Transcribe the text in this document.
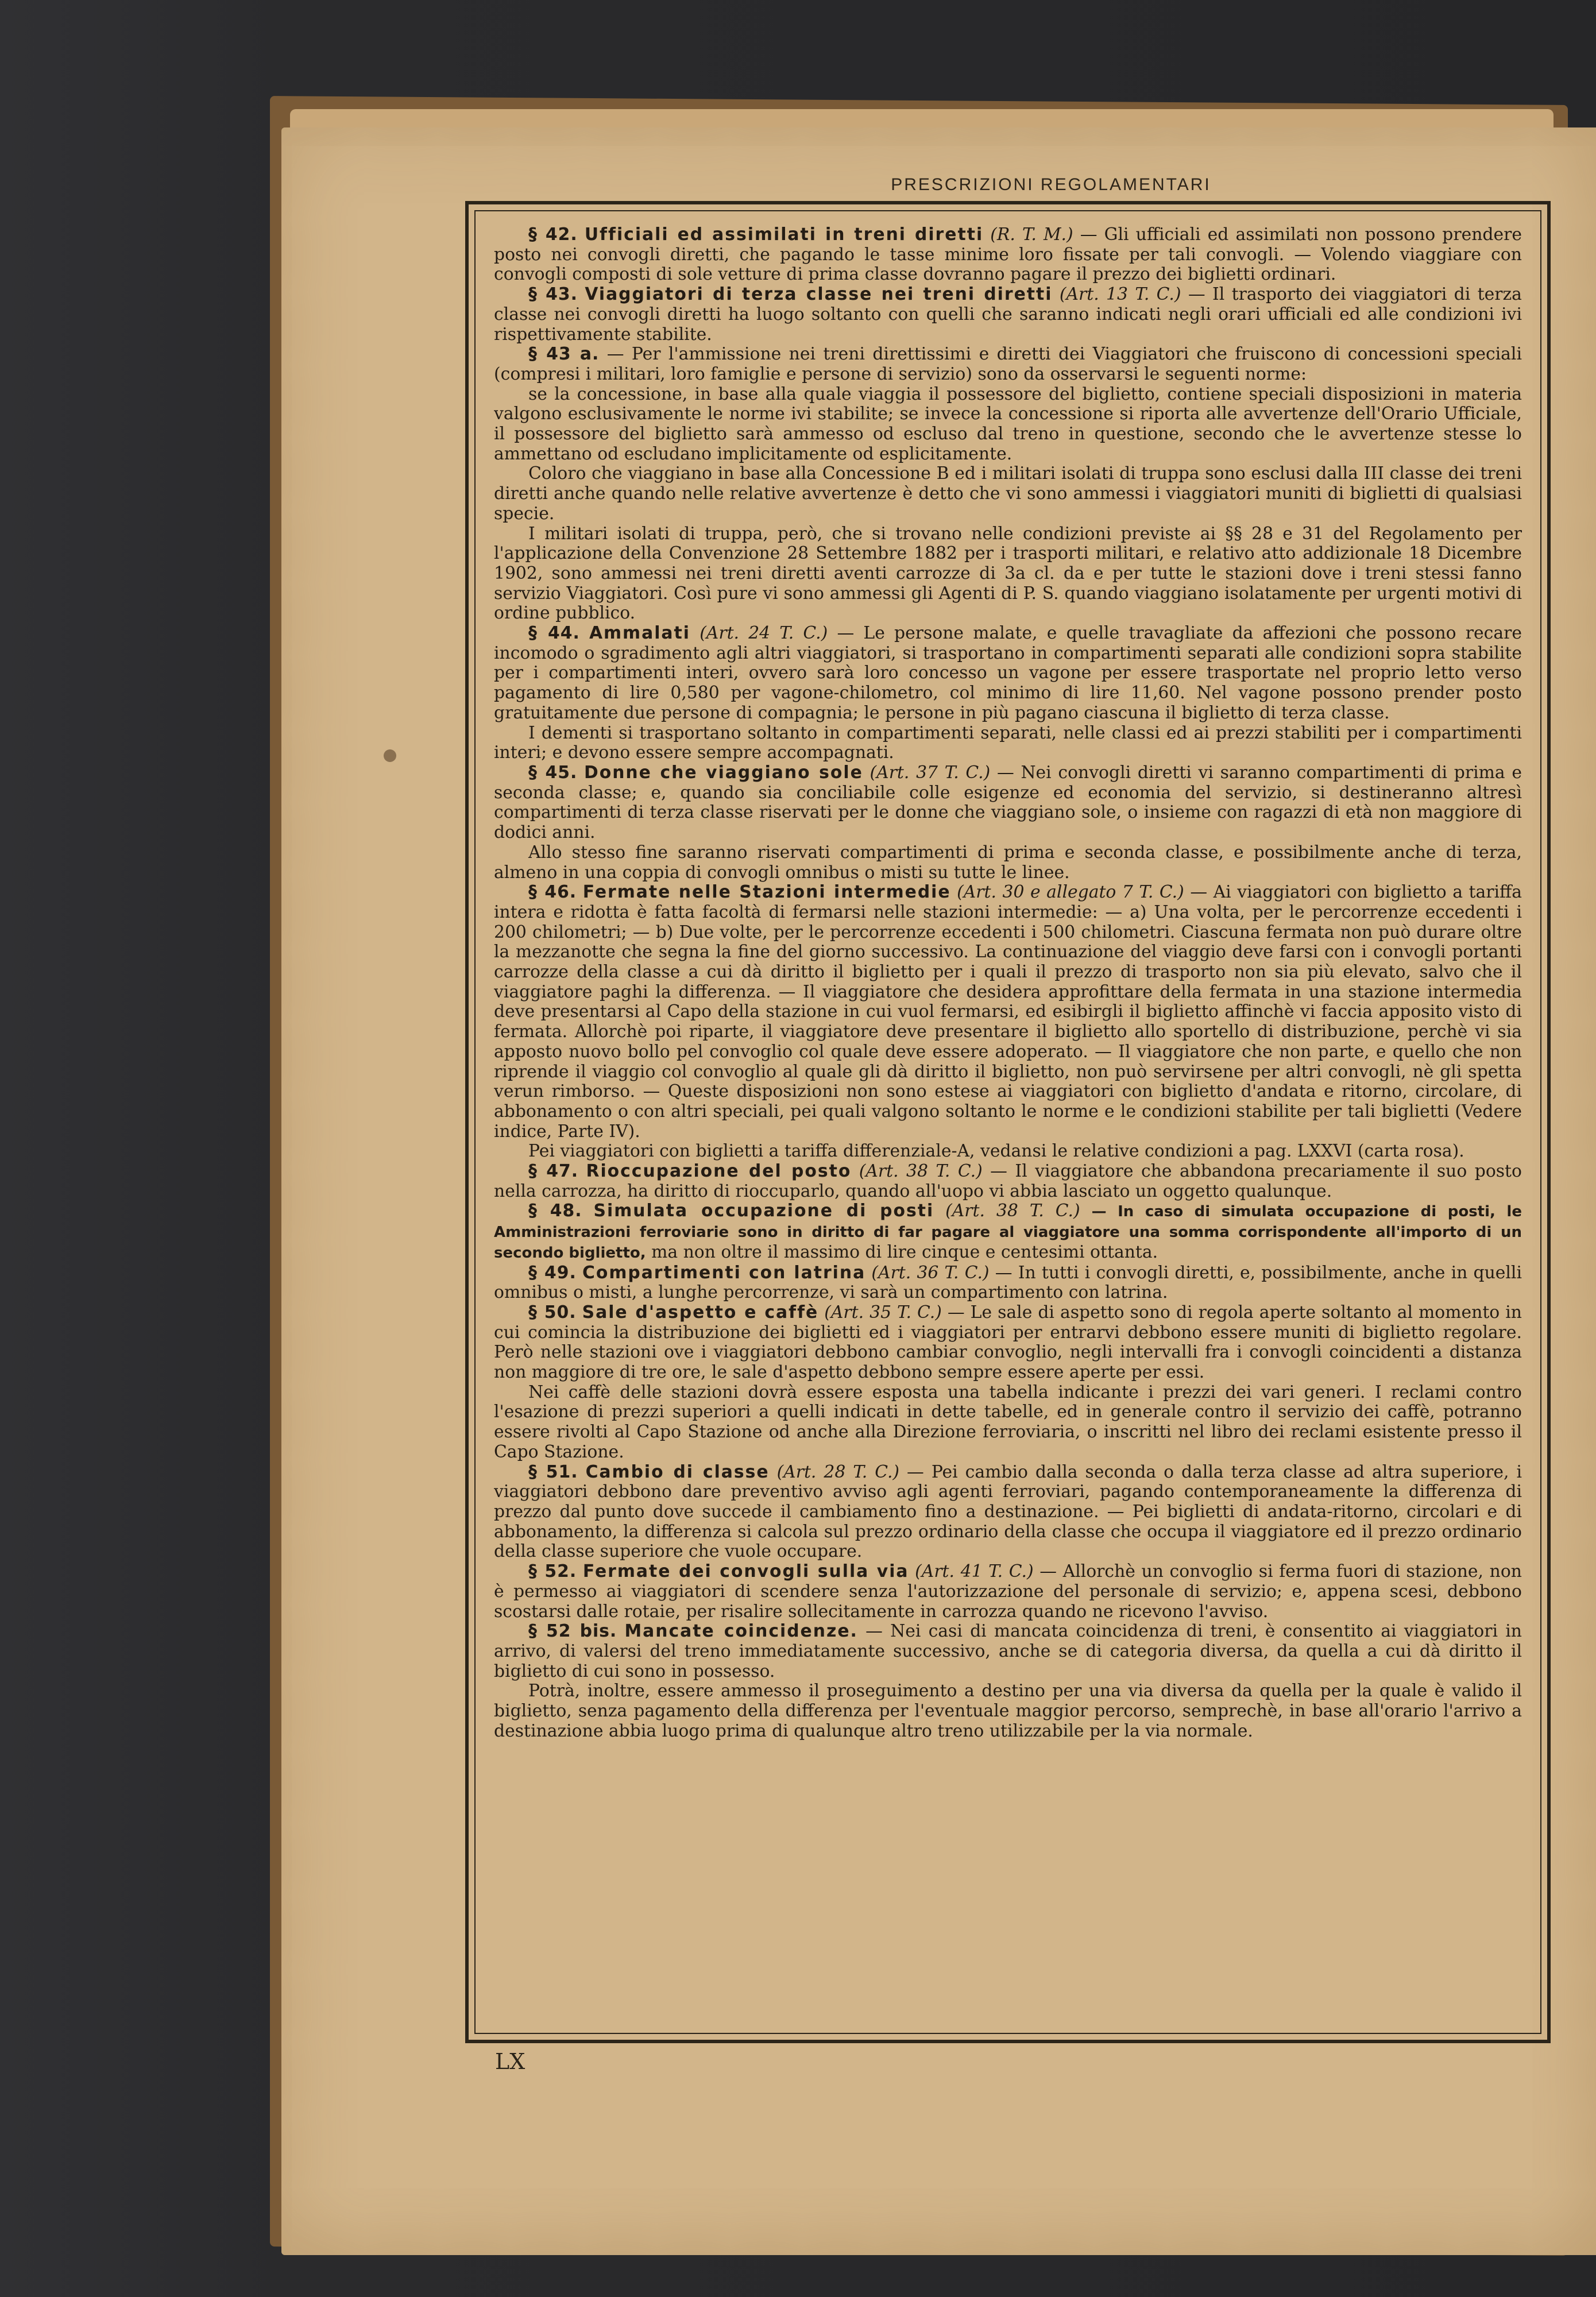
PRESCRIZIONI REGOLAMENTARI

§ 42. Ufficiali ed assimilati in treni diretti (R. T. M.) — Gli ufficiali ed assimilati non possono prendere posto nei convogli diretti, che pagando le tasse minime loro fissate per tali convogli. — Volendo viaggiare con convogli composti di sole vetture di prima classe dovranno pagare il prezzo dei biglietti ordinari.

§ 43. Viaggiatori di terza classe nei treni diretti (Art. 13 T. C.) — Il trasporto dei viaggiatori di terza classe nei convogli diretti ha luogo soltanto con quelli che saranno indicati negli orari ufficiali ed alle condizioni ivi rispettivamente stabilite.

§ 43 a. — Per l'ammissione nei treni direttissimi e diretti dei Viaggiatori che fruiscono di concessioni speciali (compresi i militari, loro famiglie e persone di servizio) sono da osservarsi le seguenti norme:

se la concessione, in base alla quale viaggia il possessore del biglietto, contiene speciali disposizioni in materia valgono esclusivamente le norme ivi stabilite; se invece la concessione si riporta alle avvertenze dell'Orario Ufficiale, il possessore del biglietto sarà ammesso od escluso dal treno in questione, secondo che le avvertenze stesse lo ammettano od escludano implicitamente od esplicitamente.

Coloro che viaggiano in base alla Concessione B ed i militari isolati di truppa sono esclusi dalla III classe dei treni diretti anche quando nelle relative avvertenze è detto che vi sono ammessi i viaggiatori muniti di biglietti di qualsiasi specie.

I militari isolati di truppa, però, che si trovano nelle condizioni previste ai §§ 28 e 31 del Regolamento per l'applicazione della Convenzione 28 Settembre 1882 per i trasporti militari, e relativo atto addizionale 18 Dicembre 1902, sono ammessi nei treni diretti aventi carrozze di 3a cl. da e per tutte le stazioni dove i treni stessi fanno servizio Viaggiatori. Così pure vi sono ammessi gli Agenti di P. S. quando viaggiano isolatamente per urgenti motivi di ordine pubblico.

§ 44. Ammalati (Art. 24 T. C.) — Le persone malate, e quelle travagliate da affezioni che possono recare incomodo o sgradimento agli altri viaggiatori, si trasportano in compartimenti separati alle condizioni sopra stabilite per i compartimenti interi, ovvero sarà loro concesso un vagone per essere trasportate nel proprio letto verso pagamento di lire 0,580 per vagone-chilometro, col minimo di lire 11,60. Nel vagone possono prender posto gratuitamente due persone di compagnia; le persone in più pagano ciascuna il biglietto di terza classe.

I dementi si trasportano soltanto in compartimenti separati, nelle classi ed ai prezzi stabiliti per i compartimenti interi; e devono essere sempre accompagnati.

§ 45. Donne che viaggiano sole (Art. 37 T. C.) — Nei convogli diretti vi saranno compartimenti di prima e seconda classe; e, quando sia conciliabile colle esigenze ed economia del servizio, si destineranno altresì compartimenti di terza classe riservati per le donne che viaggiano sole, o insieme con ragazzi di età non maggiore di dodici anni.

Allo stesso fine saranno riservati compartimenti di prima e seconda classe, e possibilmente anche di terza, almeno in una coppia di convogli omnibus o misti su tutte le linee.

§ 46. Fermate nelle Stazioni intermedie (Art. 30 e allegato 7 T. C.) — Ai viaggiatori con biglietto a tariffa intera e ridotta è fatta facoltà di fermarsi nelle stazioni intermedie: — a) Una volta, per le percorrenze eccedenti i 200 chilometri; — b) Due volte, per le percorrenze eccedenti i 500 chilometri. Ciascuna fermata non può durare oltre la mezzanotte che segna la fine del giorno successivo. La continuazione del viaggio deve farsi con i convogli portanti carrozze della classe a cui dà diritto il biglietto per i quali il prezzo di trasporto non sia più elevato, salvo che il viaggiatore paghi la differenza. — Il viaggiatore che desidera approfittare della fermata in una stazione intermedia deve presentarsi al Capo della stazione in cui vuol fermarsi, ed esibirgli il biglietto affinchè vi faccia apposito visto di fermata. Allorchè poi riparte, il viaggiatore deve presentare il biglietto allo sportello di distribuzione, perchè vi sia apposto nuovo bollo pel convoglio col quale deve essere adoperato. — Il viaggiatore che non parte, e quello che non riprende il viaggio col convoglio al quale gli dà diritto il biglietto, non può servirsene per altri convogli, nè gli spetta verun rimborso. — Queste disposizioni non sono estese ai viaggiatori con biglietto d'andata e ritorno, circolare, di abbonamento o con altri speciali, pei quali valgono soltanto le norme e le condizioni stabilite per tali biglietti (Vedere indice, Parte IV).

Pei viaggiatori con biglietti a tariffa differenziale-A, vedansi le relative condizioni a pag. LXXVI (carta rosa).

§ 47. Rioccupazione del posto (Art. 38 T. C.) — Il viaggiatore che abbandona precariamente il suo posto nella carrozza, ha diritto di rioccuparlo, quando all'uopo vi abbia lasciato un oggetto qualunque.

§ 48. Simulata occupazione di posti (Art. 38 T. C.) — In caso di simulata occupazione di posti, le Amministrazioni ferroviarie sono in diritto di far pagare al viaggiatore una somma corrispondente all'importo di un secondo biglietto, ma non oltre il massimo di lire cinque e centesimi ottanta.

§ 49. Compartimenti con latrina (Art. 36 T. C.) — In tutti i convogli diretti, e, possibilmente, anche in quelli omnibus o misti, a lunghe percorrenze, vi sarà un compartimento con latrina.

§ 50. Sale d'aspetto e caffè (Art. 35 T. C.) — Le sale di aspetto sono di regola aperte soltanto al momento in cui comincia la distribuzione dei biglietti ed i viaggiatori per entrarvi debbono essere muniti di biglietto regolare. Però nelle stazioni ove i viaggiatori debbono cambiar convoglio, negli intervalli fra i convogli coincidenti a distanza non maggiore di tre ore, le sale d'aspetto debbono sempre essere aperte per essi.

Nei caffè delle stazioni dovrà essere esposta una tabella indicante i prezzi dei vari generi. I reclami contro l'esazione di prezzi superiori a quelli indicati in dette tabelle, ed in generale contro il servizio dei caffè, potranno essere rivolti al Capo Stazione od anche alla Direzione ferroviaria, o inscritti nel libro dei reclami esistente presso il Capo Stazione.

§ 51. Cambio di classe (Art. 28 T. C.) — Pei cambio dalla seconda o dalla terza classe ad altra superiore, i viaggiatori debbono dare preventivo avviso agli agenti ferroviari, pagando contemporaneamente la differenza di prezzo dal punto dove succede il cambiamento fino a destinazione. — Pei biglietti di andata-ritorno, circolari e di abbonamento, la differenza si calcola sul prezzo ordinario della classe che occupa il viaggiatore ed il prezzo ordinario della classe superiore che vuole occupare.

§ 52. Fermate dei convogli sulla via (Art. 41 T. C.) — Allorchè un convoglio si ferma fuori di stazione, non è permesso ai viaggiatori di scendere senza l'autorizzazione del personale di servizio; e, appena scesi, debbono scostarsi dalle rotaie, per risalire sollecitamente in carrozza quando ne ricevono l'avviso.

§ 52 bis. Mancate coincidenze. — Nei casi di mancata coincidenza di treni, è consentito ai viaggiatori in arrivo, di valersi del treno immediatamente successivo, anche se di categoria diversa, da quella a cui dà diritto il biglietto di cui sono in possesso.

Potrà, inoltre, essere ammesso il proseguimento a destino per una via diversa da quella per la quale è valido il biglietto, senza pagamento della differenza per l'eventuale maggior percorso, semprechè, in base all'orario l'arrivo a destinazione abbia luogo prima di qualunque altro treno utilizzabile per la via normale.

LX
